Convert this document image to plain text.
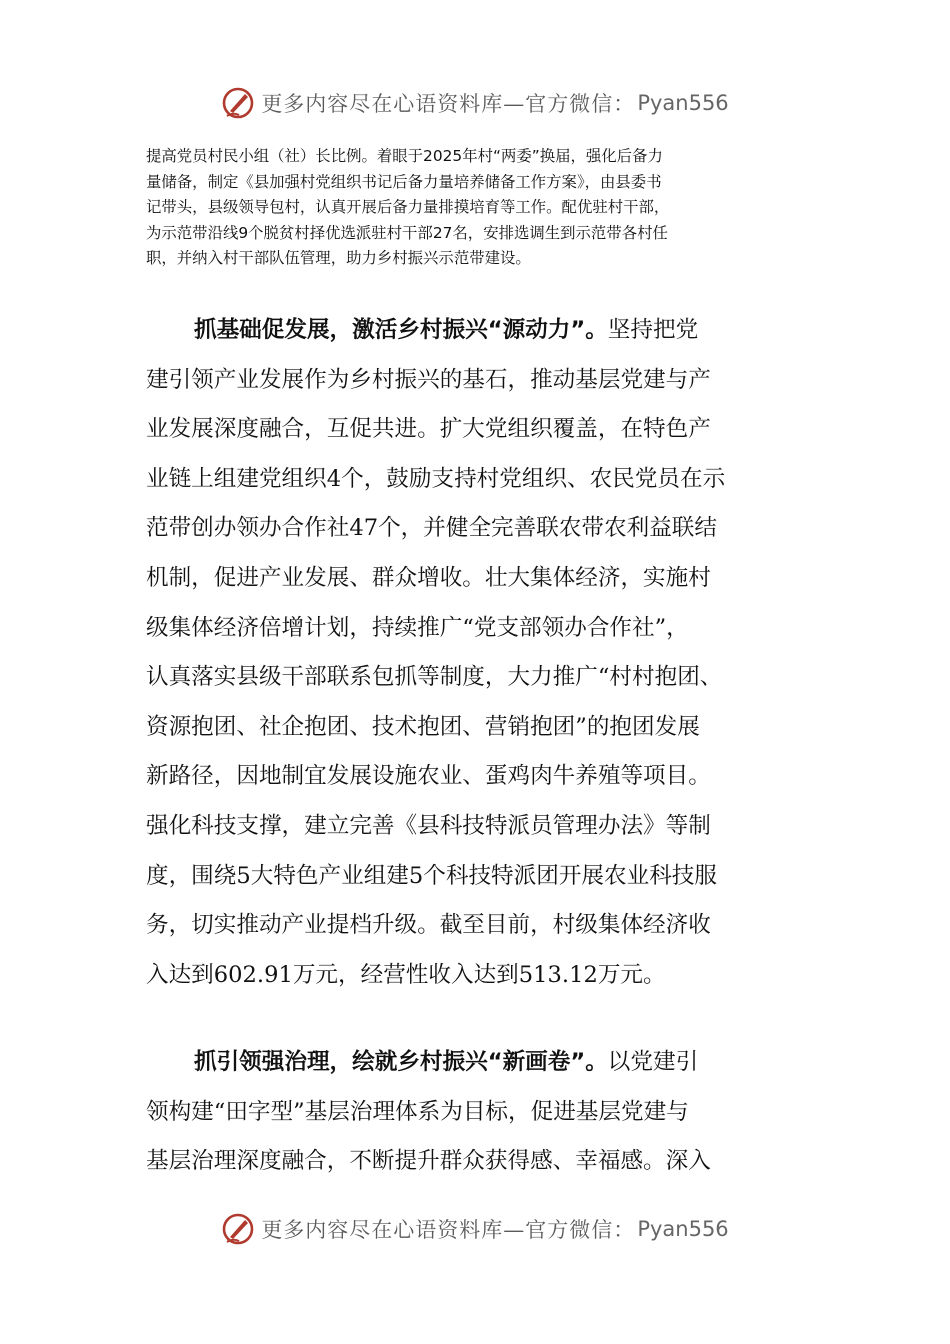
更多内容尽在心语资料库—官方微信： Pyan556
提高党员村民小组（社）长比例。着眼于2025年村“两委”换届，强化后备力
量储备，制定《县加强村党组织书记后备力量培养储备工作方案》，由县委书
记带头，县级领导包村，认真开展后备力量排摸培育等工作。配优驻村干部，
为示范带沿线9个脱贫村择优选派驻村干部27名，安排选调生到示范带各村任
职，并纳入村干部队伍管理，助力乡村振兴示范带建设。
抓基础促发展，激活乡村振兴“源动力”。坚持把党
建引领产业发展作为乡村振兴的基石，推动基层党建与产
业发展深度融合，互促共进。扩大党组织覆盖，在特色产
业链上组建党组织4个，鼓励支持村党组织、农民党员在示
范带创办领办合作社47个，并健全完善联农带农利益联结
机制，促进产业发展、群众增收。壮大集体经济，实施村
级集体经济倍增计划，持续推广“党支部领办合作社”，
认真落实县级干部联系包抓等制度，大力推广“村村抱团、
资源抱团、社企抱团、技术抱团、营销抱团”的抱团发展
新路径，因地制宜发展设施农业、蛋鸡肉牛养殖等项目。
强化科技支撑，建立完善《县科技特派员管理办法》等制
度，围绕5大特色产业组建5个科技特派团开展农业科技服
务，切实推动产业提档升级。截至目前，村级集体经济收
入达到602.91万元，经营性收入达到513.12万元。
抓引领强治理，绘就乡村振兴“新画卷”。以党建引
领构建“田字型”基层治理体系为目标，促进基层党建与
基层治理深度融合，不断提升群众获得感、幸福感。深入
更多内容尽在心语资料库—官方微信： Pyan556
